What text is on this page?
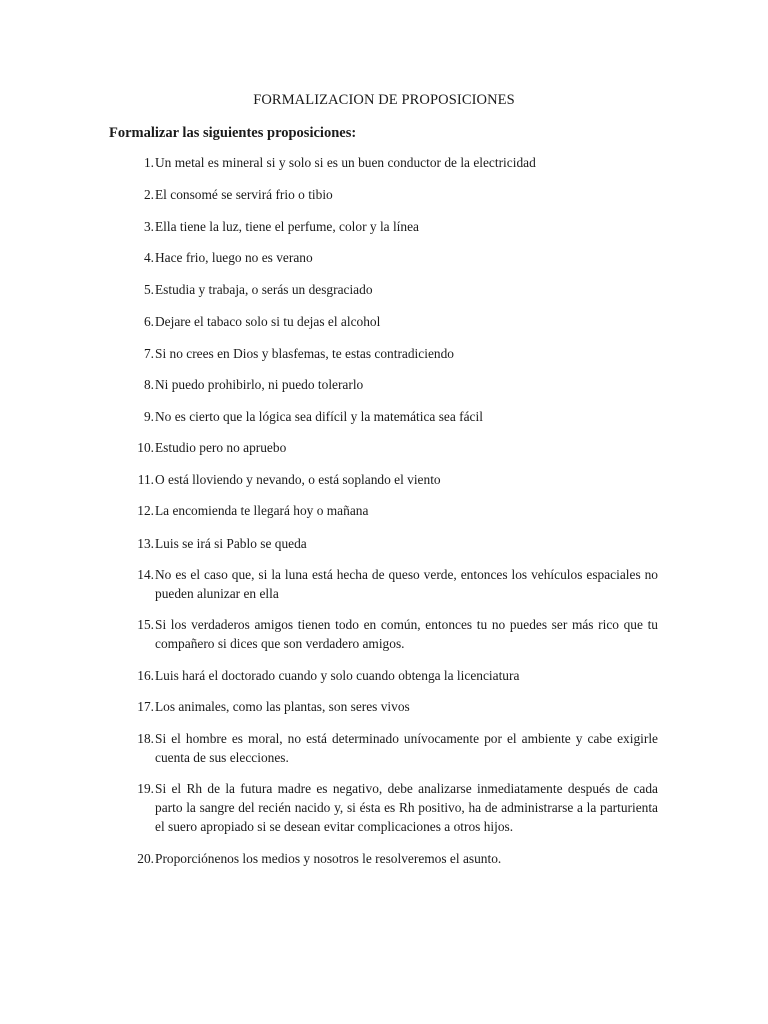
FORMALIZACION DE PROPOSICIONES
Formalizar las siguientes proposiciones:
1. Un metal es mineral si y solo si es un buen conductor de la electricidad
2. El consomé se servirá frio o tibio
3. Ella tiene la luz, tiene el perfume, color y la línea
4. Hace frio, luego no es verano
5. Estudia y trabaja, o serás un desgraciado
6. Dejare el tabaco solo si tu dejas el alcohol
7. Si no crees en Dios y blasfemas, te estas contradiciendo
8. Ni puedo prohibirlo, ni puedo tolerarlo
9. No es cierto que la lógica sea difícil y la matemática sea fácil
10. Estudio pero no apruebo
11. O está lloviendo y nevando, o está soplando el viento
12. La encomienda te llegará hoy o mañana
13. Luis se irá si Pablo se queda
14. No es el caso que, si la luna está hecha de queso verde, entonces los vehículos espaciales no pueden alunizar en ella
15. Si los verdaderos amigos tienen todo en común, entonces tu no puedes ser más rico que tu compañero si dices que son verdadero amigos.
16. Luis hará el doctorado cuando y solo cuando obtenga la licenciatura
17. Los animales, como las plantas, son seres vivos
18. Si el hombre es moral, no está determinado unívocamente por el ambiente y cabe exigirle cuenta de sus elecciones.
19. Si el Rh de la futura madre es negativo, debe analizarse inmediatamente después de cada parto la sangre del recién nacido y, si ésta es Rh positivo, ha de administrarse a la parturienta el suero apropiado si se desean evitar complicaciones a otros hijos.
20. Proporciónenos los medios y nosotros le resolveremos el asunto.
